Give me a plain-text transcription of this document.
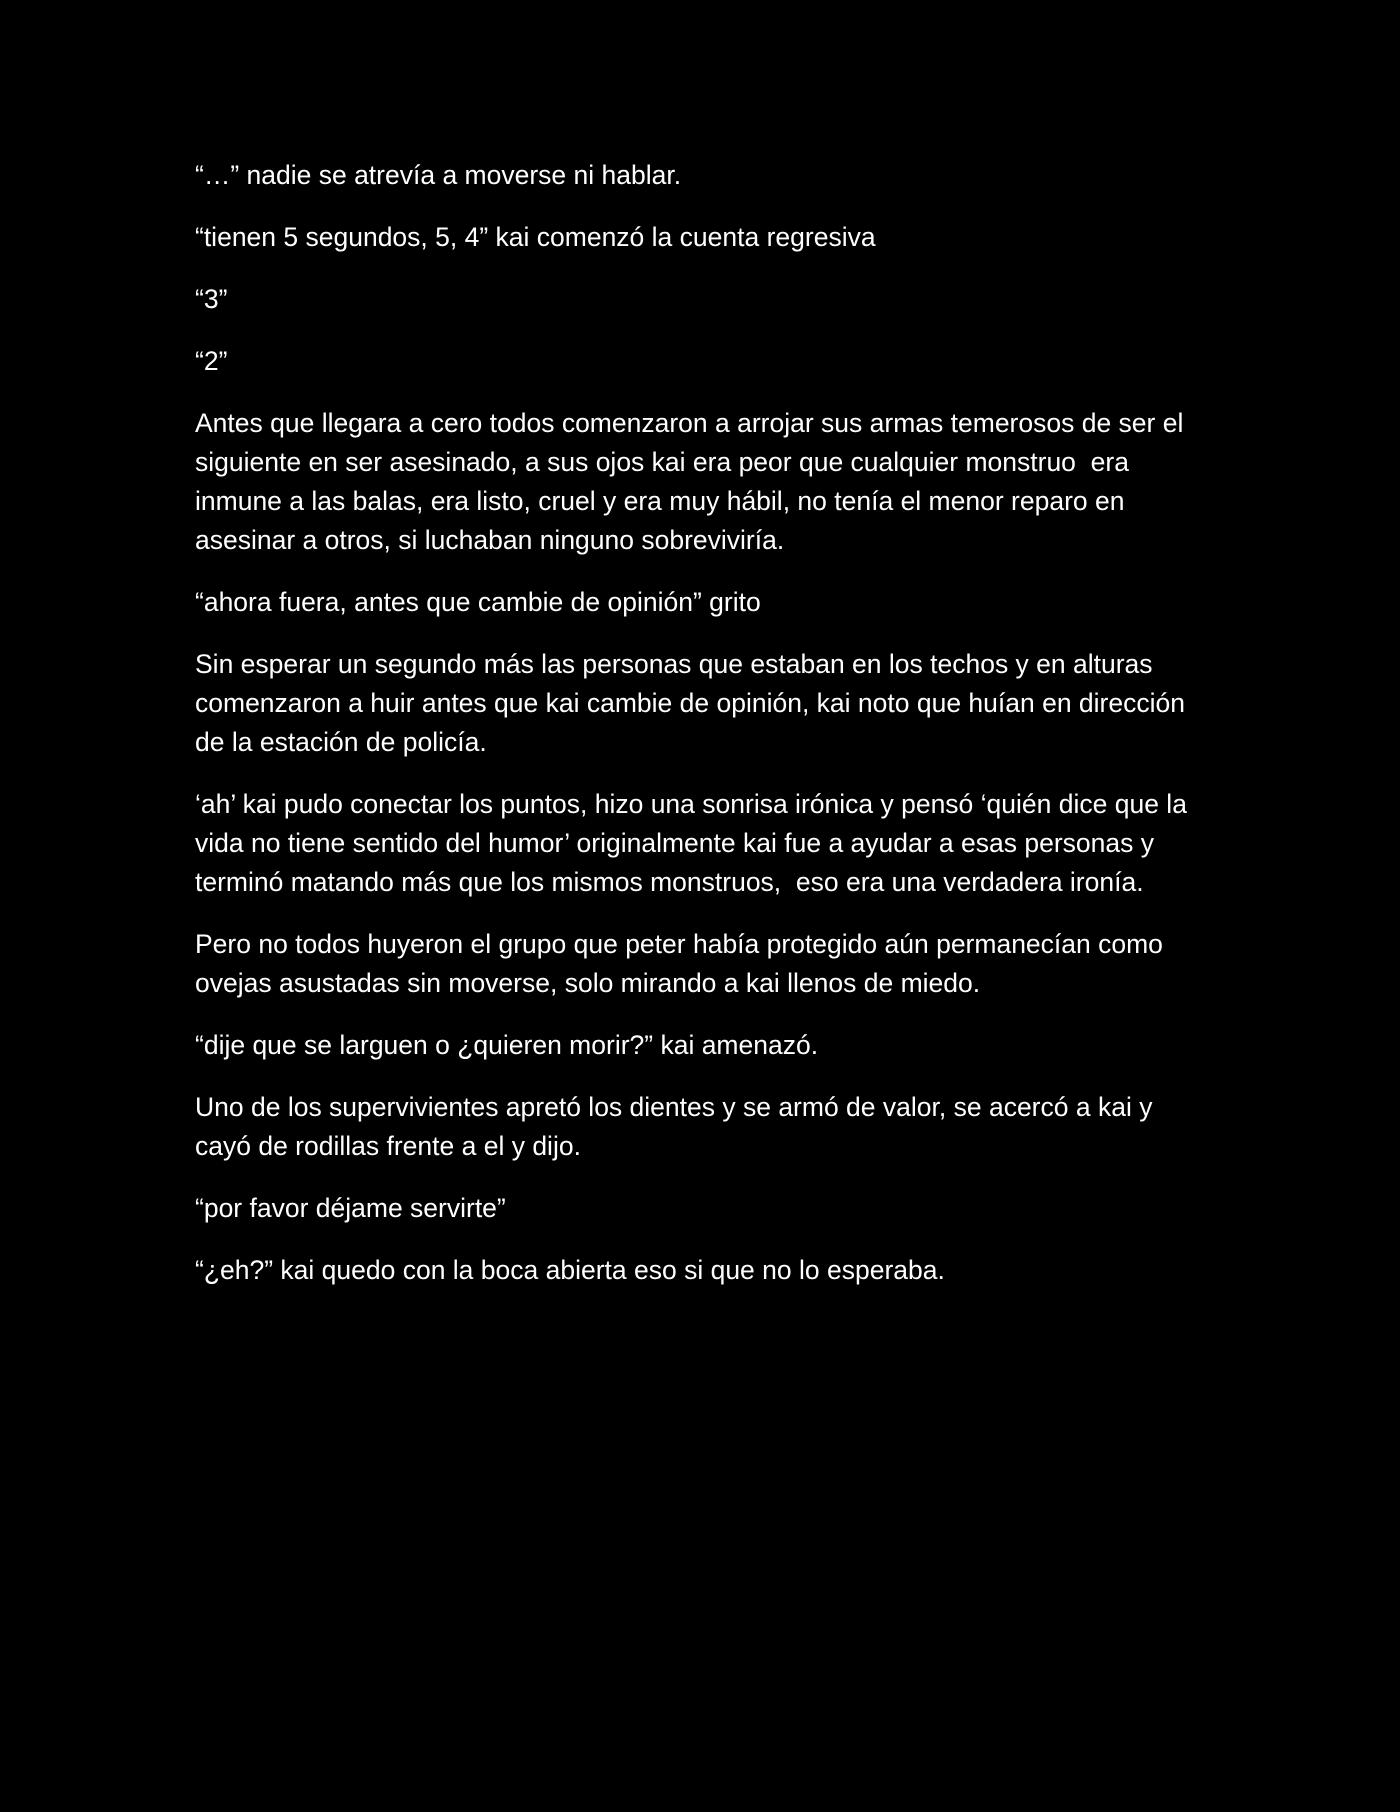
“…” nadie se atrevía a moverse ni hablar.

“tienen 5 segundos, 5, 4” kai comenzó la cuenta regresiva

“3”

“2”

Antes que llegara a cero todos comenzaron a arrojar sus armas temerosos de ser el siguiente en ser asesinado, a sus ojos kai era peor que cualquier monstruo  era inmune a las balas, era listo, cruel y era muy hábil, no tenía el menor reparo en asesinar a otros, si luchaban ninguno sobreviviría.

“ahora fuera, antes que cambie de opinión” grito

Sin esperar un segundo más las personas que estaban en los techos y en alturas comenzaron a huir antes que kai cambie de opinión, kai noto que huían en dirección de la estación de policía.

‘ah’ kai pudo conectar los puntos, hizo una sonrisa irónica y pensó ‘quién dice que la vida no tiene sentido del humor’ originalmente kai fue a ayudar a esas personas y terminó matando más que los mismos monstruos,  eso era una verdadera ironía.

Pero no todos huyeron el grupo que peter había protegido aún permanecían como ovejas asustadas sin moverse, solo mirando a kai llenos de miedo.

“dije que se larguen o ¿quieren morir?” kai amenazó.

Uno de los supervivientes apretó los dientes y se armó de valor, se acercó a kai y cayó de rodillas frente a el y dijo.

“por favor déjame servirte”

“¿eh?” kai quedo con la boca abierta eso si que no lo esperaba.
